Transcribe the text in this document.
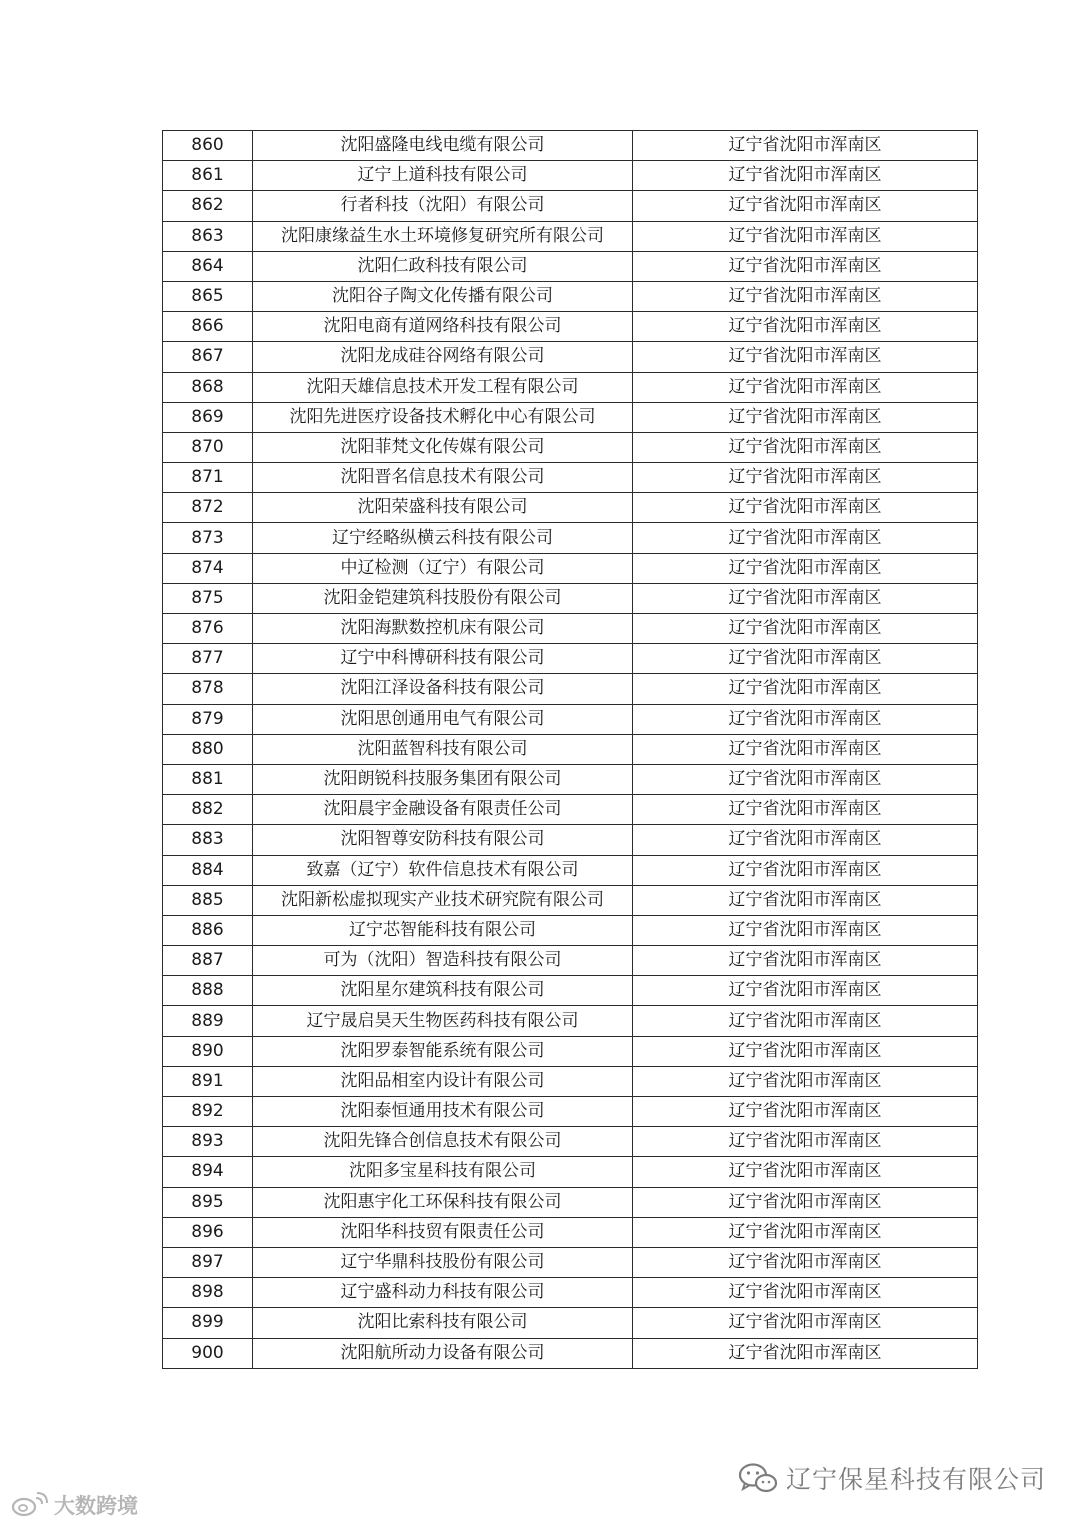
860	沈阳盛隆电线电缆有限公司	辽宁省沈阳市浑南区
861	辽宁上道科技有限公司	辽宁省沈阳市浑南区
862	行者科技（沈阳）有限公司	辽宁省沈阳市浑南区
863	沈阳康缘益生水土环境修复研究所有限公司	辽宁省沈阳市浑南区
864	沈阳仁政科技有限公司	辽宁省沈阳市浑南区
865	沈阳谷子陶文化传播有限公司	辽宁省沈阳市浑南区
866	沈阳电商有道网络科技有限公司	辽宁省沈阳市浑南区
867	沈阳龙成硅谷网络有限公司	辽宁省沈阳市浑南区
868	沈阳天雄信息技术开发工程有限公司	辽宁省沈阳市浑南区
869	沈阳先进医疗设备技术孵化中心有限公司	辽宁省沈阳市浑南区
870	沈阳菲梵文化传媒有限公司	辽宁省沈阳市浑南区
871	沈阳晋名信息技术有限公司	辽宁省沈阳市浑南区
872	沈阳荣盛科技有限公司	辽宁省沈阳市浑南区
873	辽宁经略纵横云科技有限公司	辽宁省沈阳市浑南区
874	中辽检测（辽宁）有限公司	辽宁省沈阳市浑南区
875	沈阳金铠建筑科技股份有限公司	辽宁省沈阳市浑南区
876	沈阳海默数控机床有限公司	辽宁省沈阳市浑南区
877	辽宁中科博研科技有限公司	辽宁省沈阳市浑南区
878	沈阳江泽设备科技有限公司	辽宁省沈阳市浑南区
879	沈阳思创通用电气有限公司	辽宁省沈阳市浑南区
880	沈阳蓝智科技有限公司	辽宁省沈阳市浑南区
881	沈阳朗锐科技服务集团有限公司	辽宁省沈阳市浑南区
882	沈阳晨宇金融设备有限责任公司	辽宁省沈阳市浑南区
883	沈阳智尊安防科技有限公司	辽宁省沈阳市浑南区
884	致嘉（辽宁）软件信息技术有限公司	辽宁省沈阳市浑南区
885	沈阳新松虚拟现实产业技术研究院有限公司	辽宁省沈阳市浑南区
886	辽宁芯智能科技有限公司	辽宁省沈阳市浑南区
887	可为（沈阳）智造科技有限公司	辽宁省沈阳市浑南区
888	沈阳星尔建筑科技有限公司	辽宁省沈阳市浑南区
889	辽宁晟启昊天生物医药科技有限公司	辽宁省沈阳市浑南区
890	沈阳罗泰智能系统有限公司	辽宁省沈阳市浑南区
891	沈阳品相室内设计有限公司	辽宁省沈阳市浑南区
892	沈阳泰恒通用技术有限公司	辽宁省沈阳市浑南区
893	沈阳先锋合创信息技术有限公司	辽宁省沈阳市浑南区
894	沈阳多宝星科技有限公司	辽宁省沈阳市浑南区
895	沈阳惠宇化工环保科技有限公司	辽宁省沈阳市浑南区
896	沈阳华科技贸有限责任公司	辽宁省沈阳市浑南区
897	辽宁华鼎科技股份有限公司	辽宁省沈阳市浑南区
898	辽宁盛科动力科技有限公司	辽宁省沈阳市浑南区
899	沈阳比索科技有限公司	辽宁省沈阳市浑南区
900	沈阳航所动力设备有限公司	辽宁省沈阳市浑南区
大数跨境
辽宁保星科技有限公司
